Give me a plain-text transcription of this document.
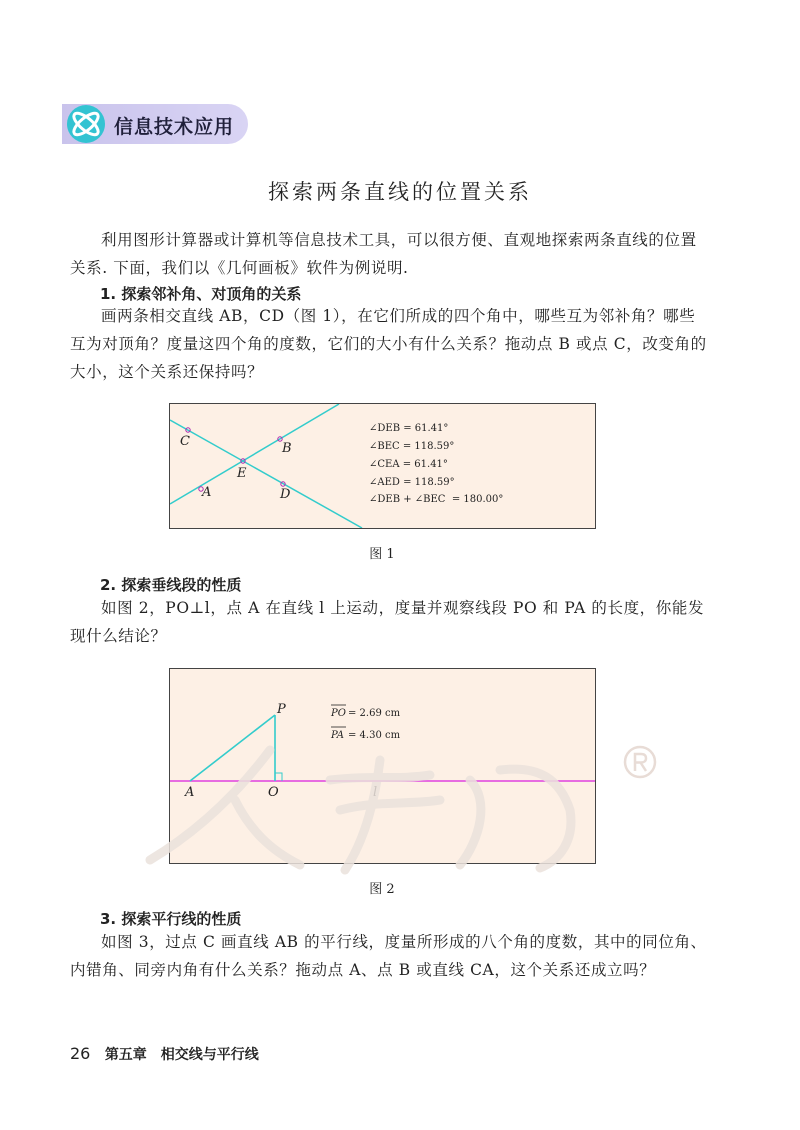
信息技术应用
探索两条直线的位置关系

利用图形计算器或计算机等信息技术工具，可以很方便、直观地探索两条直线的位置

关系. 下面，我们以《几何画板》软件为例说明.

1. 探索邻补角、对顶角的关系

画两条相交直线 AB，CD（图 1），在它们所成的四个角中，哪些互为邻补角？哪些

互为对顶角？度量这四个角的度数，它们的大小有什么关系？拖动点 B 或点 C，改变角的

大小，这个关系还保持吗？

C	B
E
A	D
∠DEB = 61.41°
∠BEC = 118.59°
∠CEA = 61.41°
∠AED = 118.59°
∠DEB + ∠BEC  = 180.00°
图 1
2. 探索垂线段的性质

如图 2，PO⊥l，点 A 在直线 l 上运动，度量并观察线段 PO 和 PA 的长度，你能发

现什么结论？

P
A	O	l
PO = 2.69 cm
PA = 4.30 cm
图 2
3. 探索平行线的性质

如图 3，过点 C 画直线 AB 的平行线，度量所形成的八个角的度数，其中的同位角、

内错角、同旁内角有什么关系？拖动点 A、点 B 或直线 CA，这个关系还成立吗？

26 第五章　相交线与平行线
